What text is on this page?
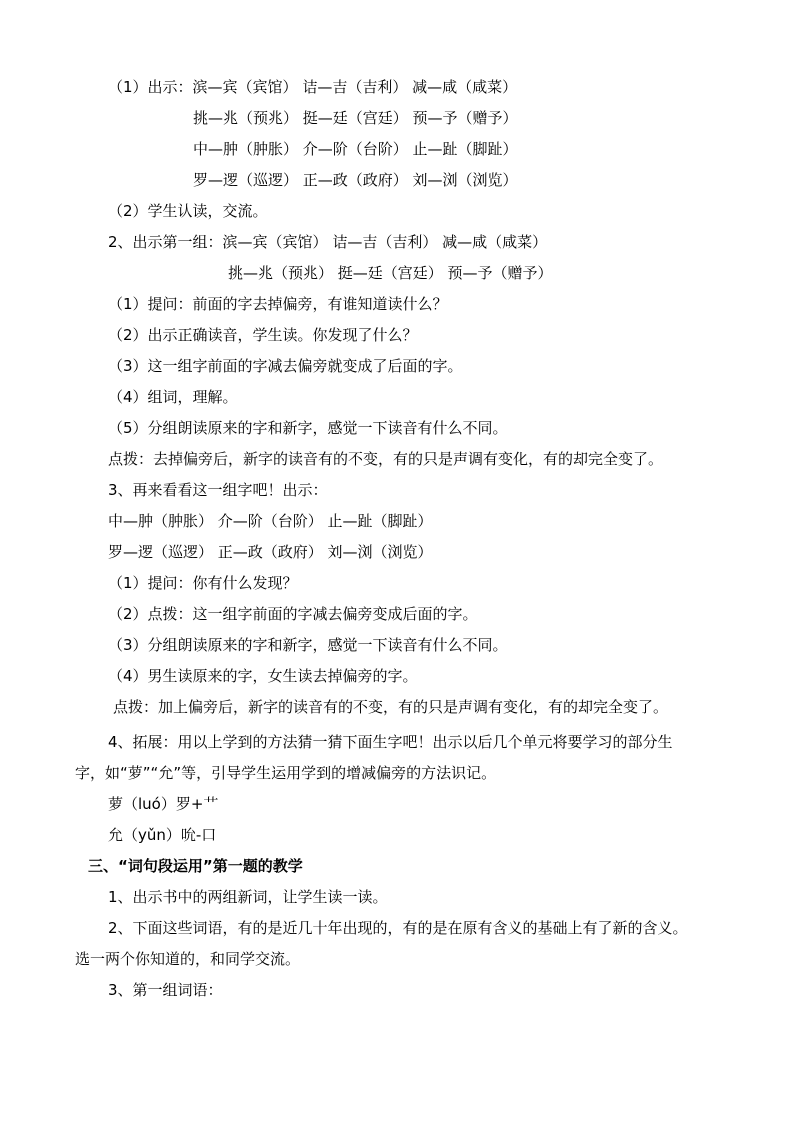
（1）出示：滨—宾（宾馆） 诘—吉（吉利） 减—咸（咸菜）
挑—兆（预兆） 挺—廷（宫廷） 预—予（赠予）
中—肿（肿胀） 介—阶（台阶） 止—趾（脚趾）
罗—逻（巡逻） 正—政（政府） 刘—浏（浏览）
（2）学生认读，交流。
2、出示第一组：滨—宾（宾馆） 诘—吉（吉利） 减—咸（咸菜）
挑—兆（预兆） 挺—廷（宫廷） 预—予（赠予）
（1）提问：前面的字去掉偏旁，有谁知道读什么？
（2）出示正确读音，学生读。你发现了什么？
（3）这一组字前面的字减去偏旁就变成了后面的字。
（4）组词，理解。
（5）分组朗读原来的字和新字，感觉一下读音有什么不同。
点拨：去掉偏旁后，新字的读音有的不变，有的只是声调有变化，有的却完全变了。
3、再来看看这一组字吧！出示：
中—肿（肿胀） 介—阶（台阶） 止—趾（脚趾）
罗—逻（巡逻） 正—政（政府） 刘—浏（浏览）
（1）提问：你有什么发现？
（2）点拨：这一组字前面的字减去偏旁变成后面的字。
（3）分组朗读原来的字和新字，感觉一下读音有什么不同。
（4）男生读原来的字，女生读去掉偏旁的字。
点拨：加上偏旁后，新字的读音有的不变，有的只是声调有变化，有的却完全变了。
4、拓展：用以上学到的方法猜一猜下面生字吧！出示以后几个单元将要学习的部分生
字，如“萝”“允”等，引导学生运用学到的增减偏旁的方法识记。
萝（luó）罗+艹
允（yǔn）吮-口
三、“词句段运用”第一题的教学
1、出示书中的两组新词，让学生读一读。
2、下面这些词语，有的是近几十年出现的，有的是在原有含义的基础上有了新的含义。
选一两个你知道的，和同学交流。
3、第一组词语：
